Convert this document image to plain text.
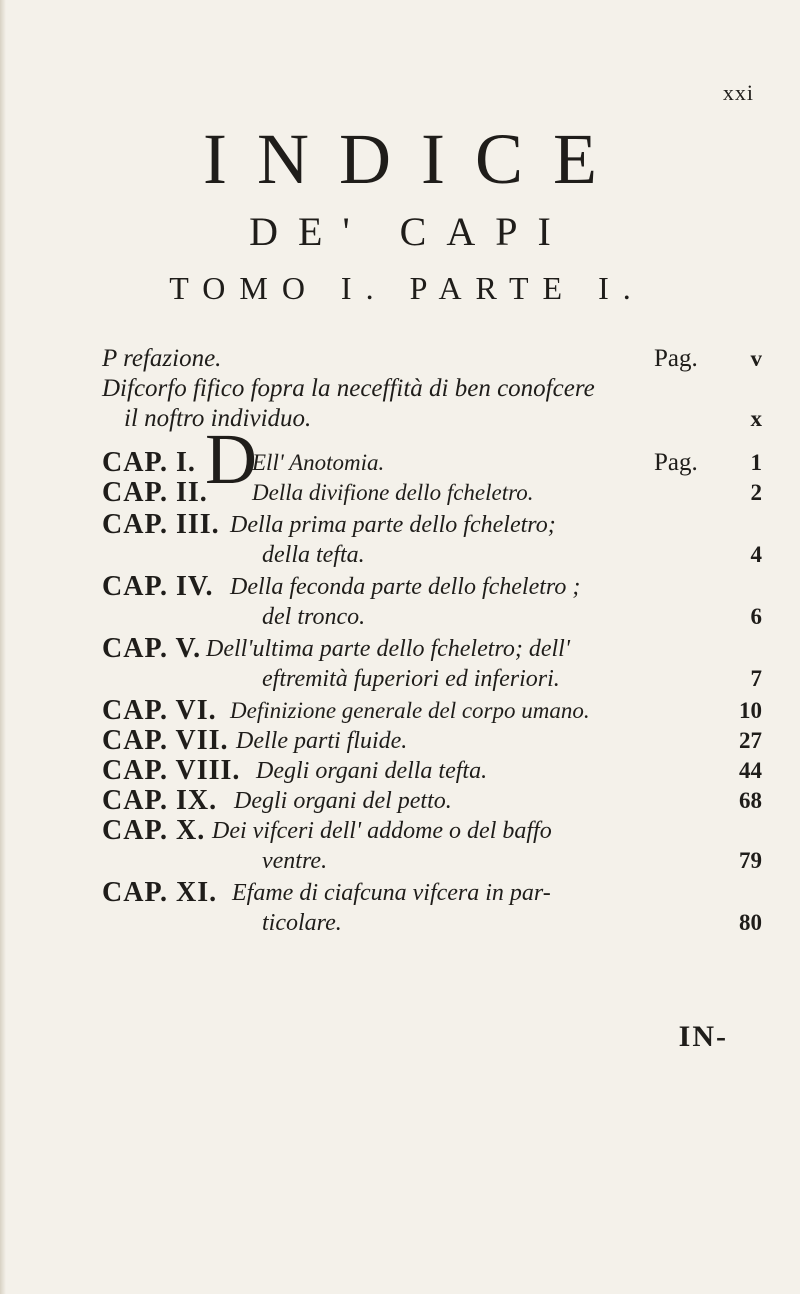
xxi
INDICE
DE' CAPI
TOMO I. PARTE I.
P refazione.	Pag. v
Difcorfo fifico fopra la neceffità di ben conofcere
il noftro individuo.	x
D
CAP. I. Ell' Anotomia.	Pag. 1
CAP. II. Della divifione dello fcheletro.	2
CAP. III. Della prima parte dello fcheletro;
della tefta.	4
CAP. IV. Della feconda parte dello fcheletro ;
del tronco.	6
CAP. V. Dell'ultima parte dello fcheletro; dell'
eftremità fuperiori ed inferiori.	7
CAP. VI. Definizione generale del corpo umano.	10
CAP. VII. Delle parti fluide.	27
CAP. VIII. Degli organi della tefta.	44
CAP. IX. Degli organi del petto.	68
CAP. X. Dei vifceri dell' addome o del baffo
ventre.	79
CAP. XI. Efame di ciafcuna vifcera in par-
ticolare.	80
IN-
